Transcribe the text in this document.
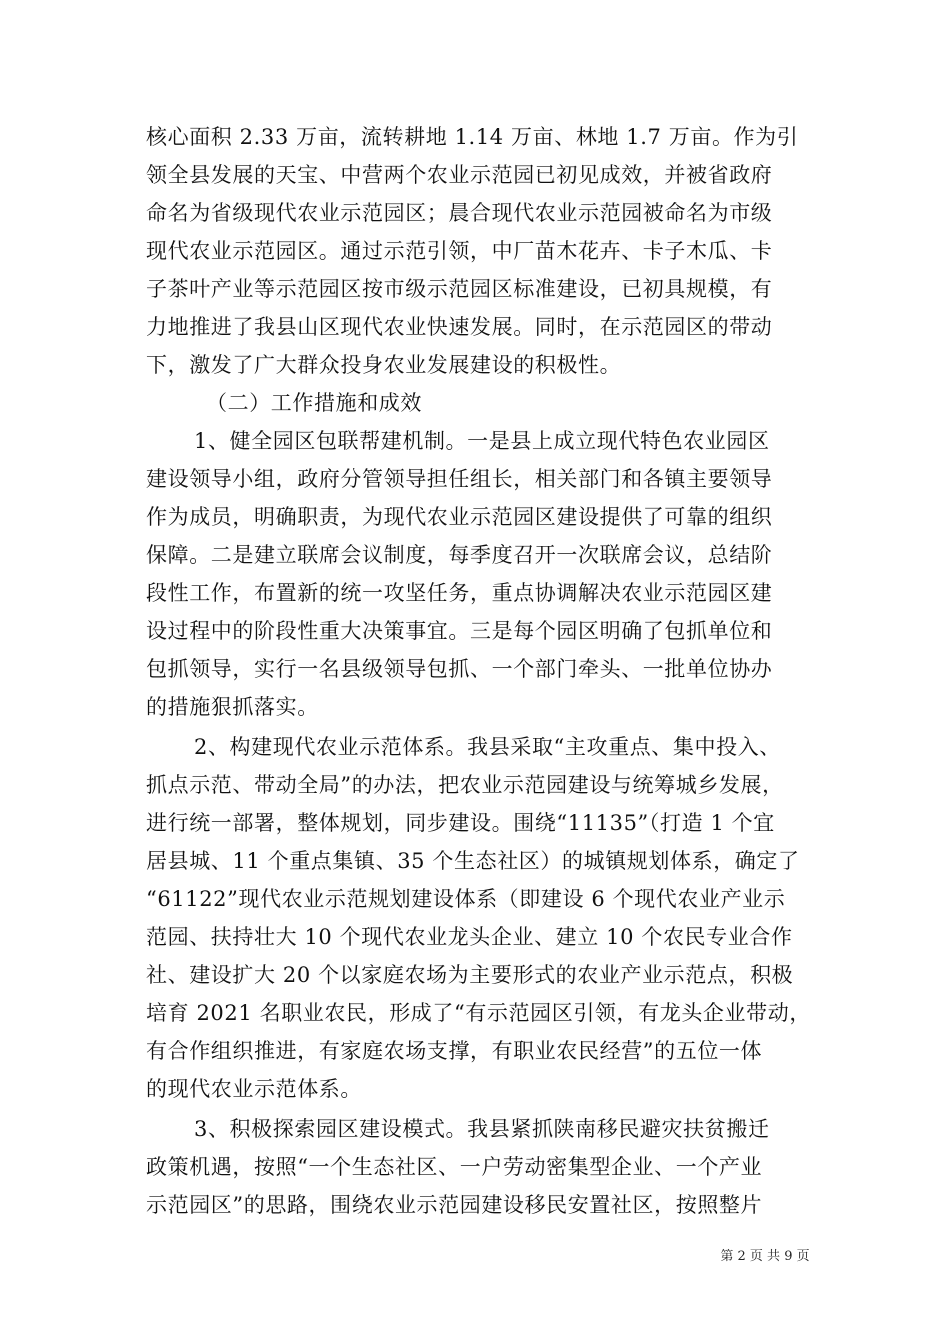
核心面积 2.33 万亩，流转耕地 1.14 万亩、林地 1.7 万亩。作为引
领全县发展的天宝、中营两个农业示范园已初见成效，并被省政府
命名为省级现代农业示范园区；晨合现代农业示范园被命名为市级
现代农业示范园区。通过示范引领，中厂苗木花卉、卡子木瓜、卡
子茶叶产业等示范园区按市级示范园区标准建设，已初具规模，有
力地推进了我县山区现代农业快速发展。同时，在示范园区的带动
下，激发了广大群众投身农业发展建设的积极性。
（二）工作措施和成效
1、健全园区包联帮建机制。一是县上成立现代特色农业园区
建设领导小组，政府分管领导担任组长，相关部门和各镇主要领导
作为成员，明确职责，为现代农业示范园区建设提供了可靠的组织
保障。二是建立联席会议制度，每季度召开一次联席会议，总结阶
段性工作，布置新的统一攻坚任务，重点协调解决农业示范园区建
设过程中的阶段性重大决策事宜。三是每个园区明确了包抓单位和
包抓领导，实行一名县级领导包抓、一个部门牵头、一批单位协办
的措施狠抓落实。
2、构建现代农业示范体系。我县采取“主攻重点、集中投入、
抓点示范、带动全局”的办法，把农业示范园建设与统筹城乡发展，
进行统一部署，整体规划，同步建设。围绕“11135”（打造 1 个宜
居县城、11 个重点集镇、35 个生态社区）的城镇规划体系，确定了
“61122”现代农业示范规划建设体系（即建设 6 个现代农业产业示
范园、扶持壮大 10 个现代农业龙头企业、建立 10 个农民专业合作
社、建设扩大 20 个以家庭农场为主要形式的农业产业示范点，积极
培育 2021 名职业农民，形成了“有示范园区引领，有龙头企业带动，
有合作组织推进，有家庭农场支撑，有职业农民经营”的五位一体
的现代农业示范体系。
3、积极探索园区建设模式。我县紧抓陕南移民避灾扶贫搬迁
政策机遇，按照“一个生态社区、一户劳动密集型企业、一个产业
示范园区”的思路，围绕农业示范园建设移民安置社区，按照整片
第 2 页 共 9 页
